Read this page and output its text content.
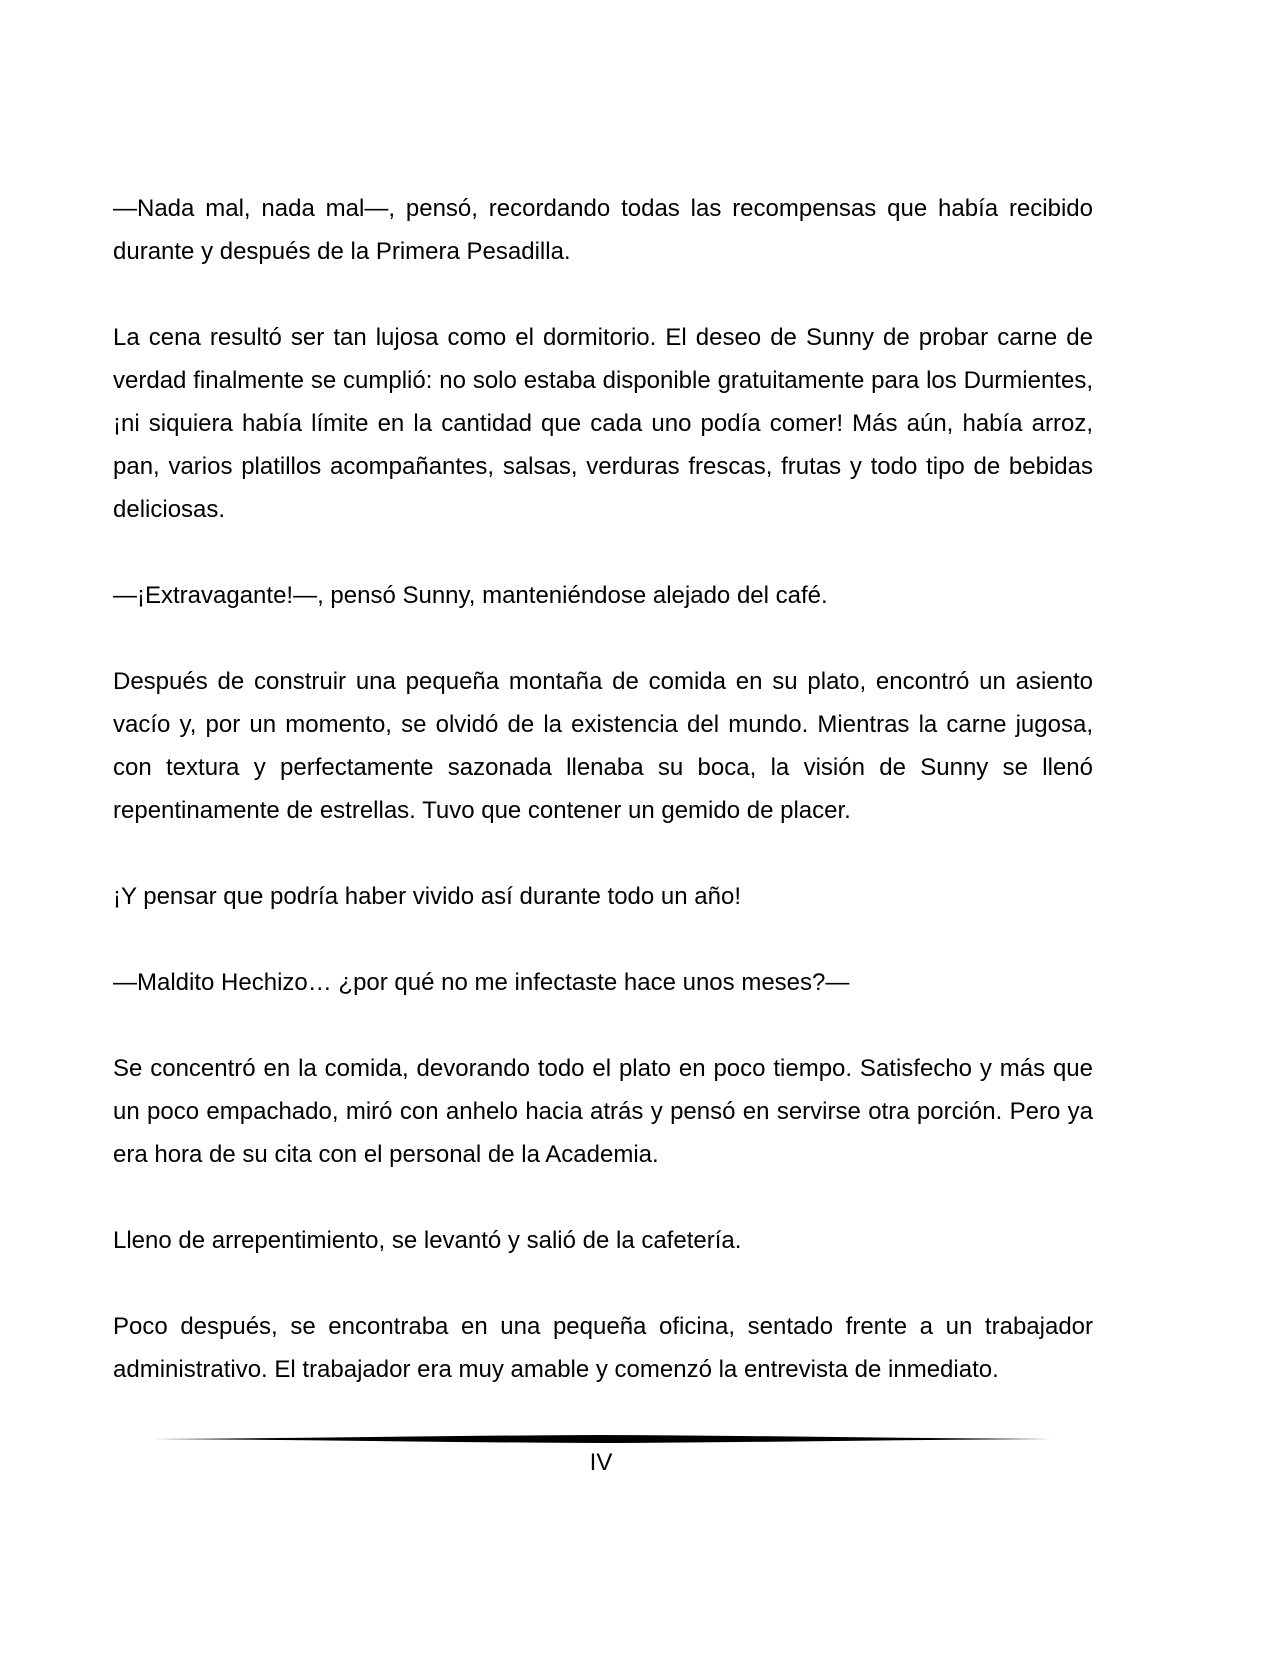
—Nada mal, nada mal—, pensó, recordando todas las recompensas que había recibido durante y después de la Primera Pesadilla.

La cena resultó ser tan lujosa como el dormitorio. El deseo de Sunny de probar carne de verdad finalmente se cumplió: no solo estaba disponible gratuitamente para los Durmientes, ¡ni siquiera había límite en la cantidad que cada uno podía comer! Más aún, había arroz, pan, varios platillos acompañantes, salsas, verduras frescas, frutas y todo tipo de bebidas deliciosas.

—¡Extravagante!—, pensó Sunny, manteniéndose alejado del café.

Después de construir una pequeña montaña de comida en su plato, encontró un asiento vacío y, por un momento, se olvidó de la existencia del mundo. Mientras la carne jugosa, con textura y perfectamente sazonada llenaba su boca, la visión de Sunny se llenó repentinamente de estrellas. Tuvo que contener un gemido de placer.

¡Y pensar que podría haber vivido así durante todo un año!

—Maldito Hechizo… ¿por qué no me infectaste hace unos meses?—

Se concentró en la comida, devorando todo el plato en poco tiempo. Satisfecho y más que un poco empachado, miró con anhelo hacia atrás y pensó en servirse otra porción. Pero ya era hora de su cita con el personal de la Academia.

Lleno de arrepentimiento, se levantó y salió de la cafetería.

Poco después, se encontraba en una pequeña oficina, sentado frente a un trabajador administrativo. El trabajador era muy amable y comenzó la entrevista de inmediato.

IV
